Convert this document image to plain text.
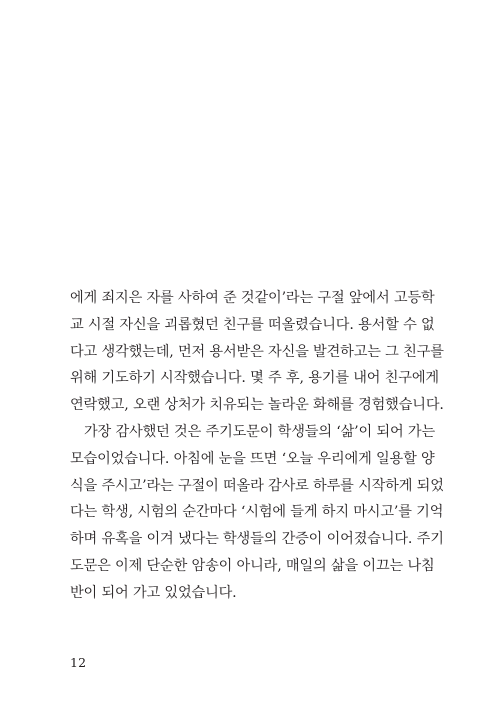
에게 죄지은 자를 사하여 준 것같이’라는 구절 앞에서 고등학
교 시절 자신을 괴롭혔던 친구를 떠올렸습니다. 용서할 수 없
다고 생각했는데, 먼저 용서받은 자신을 발견하고는 그 친구를
위해 기도하기 시작했습니다. 몇 주 후, 용기를 내어 친구에게
연락했고, 오랜 상처가 치유되는 놀라운 화해를 경험했습니다.
가장 감사했던 것은 주기도문이 학생들의 ‘삶’이 되어 가는
모습이었습니다. 아침에 눈을 뜨면 ‘오늘 우리에게 일용할 양
식을 주시고’라는 구절이 떠올라 감사로 하루를 시작하게 되었
다는 학생, 시험의 순간마다 ‘시험에 들게 하지 마시고’를 기억
하며 유혹을 이겨 냈다는 학생들의 간증이 이어졌습니다. 주기
도문은 이제 단순한 암송이 아니라, 매일의 삶을 이끄는 나침
반이 되어 가고 있었습니다.
12
